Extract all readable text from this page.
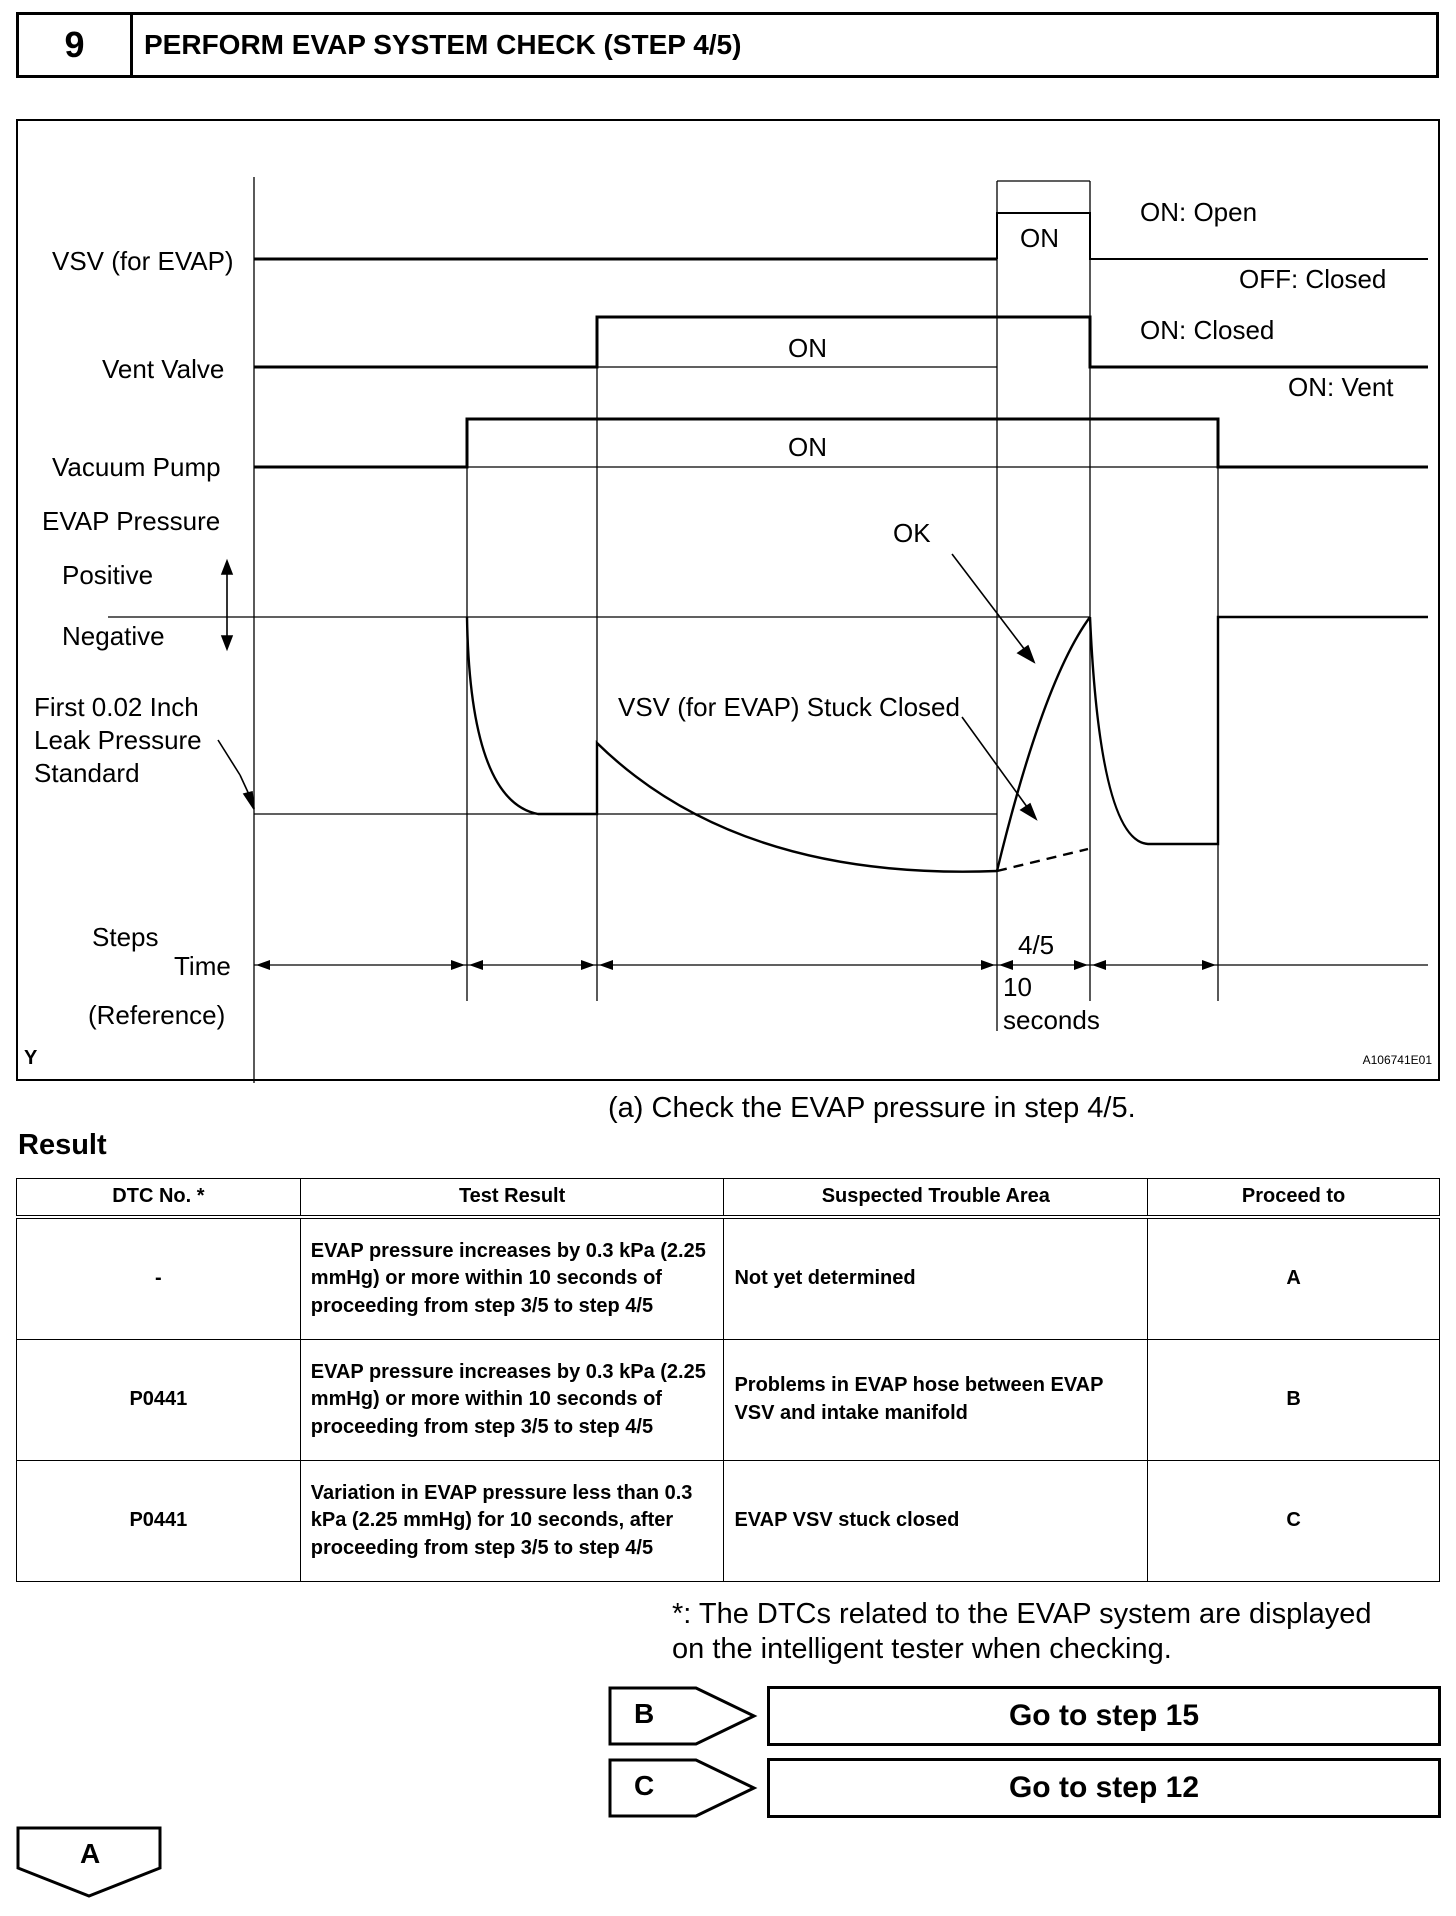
9	PERFORM EVAP SYSTEM CHECK (STEP 4/5)
VSV (for EVAP)
Vent Valve
Vacuum Pump
EVAP Pressure
Positive
Negative
First 0.02 Inch
Leak Pressure
Standard
Steps
Time
(Reference)
ON
ON
ON
ON: Open
OFF: Closed
ON: Closed
ON: Vent
OK
VSV (for EVAP) Stuck Closed
4/5
10
seconds
Y	A106741E01
(a) Check the EVAP pressure in step 4/5.
Result
DTC No. *	Test Result	Suspected Trouble Area	Proceed to
-	EVAP pressure increases by 0.3 kPa (2.25 mmHg) or more within 10 seconds of proceeding from step 3/5 to step 4/5	Not yet determined	A
P0441	EVAP pressure increases by 0.3 kPa (2.25 mmHg) or more within 10 seconds of proceeding from step 3/5 to step 4/5	Problems in EVAP hose between EVAP VSV and intake manifold	B
P0441	Variation in EVAP pressure less than 0.3 kPa (2.25 mmHg) for 10 seconds, after proceeding from step 3/5 to step 4/5	EVAP VSV stuck closed	C
*: The DTCs related to the EVAP system are displayed
on the intelligent tester when checking.
B	Go to step 15
C	Go to step 12
A
